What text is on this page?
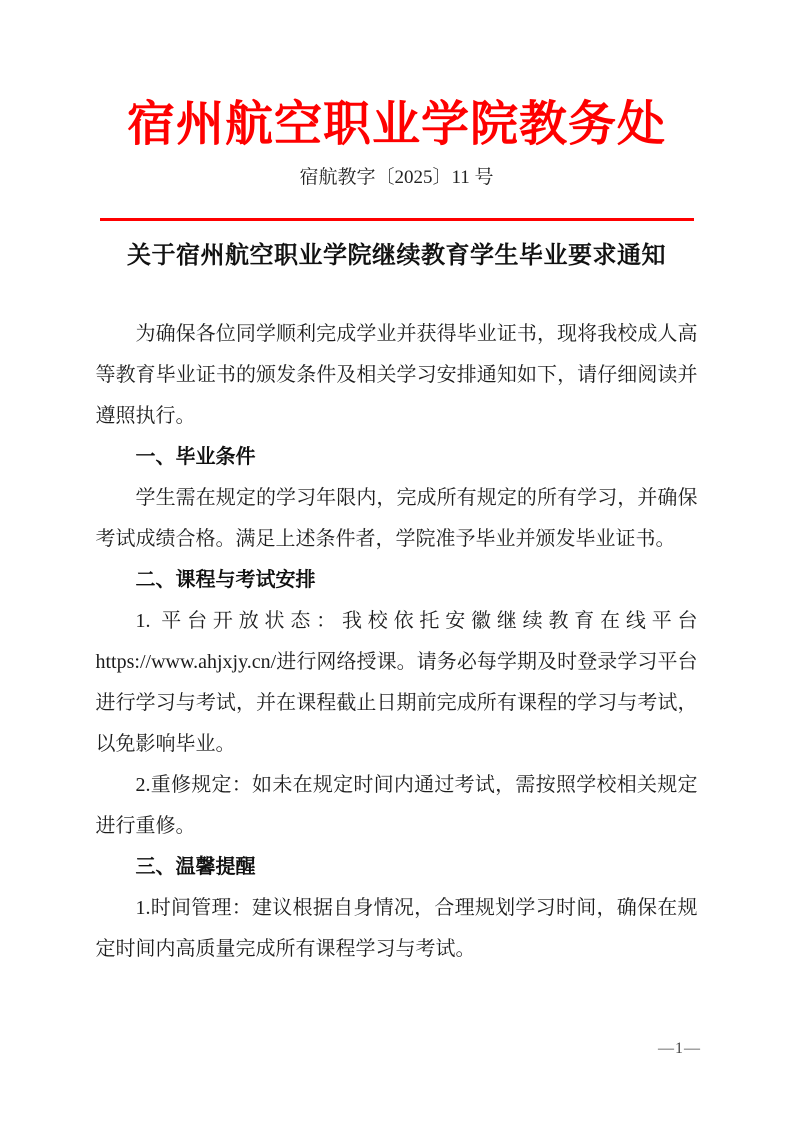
宿州航空职业学院教务处
宿航教字〔2025〕11 号
关于宿州航空职业学院继续教育学生毕业要求通知

为确保各位同学顺利完成学业并获得毕业证书，现将我校成人高等教育毕业证书的颁发条件及相关学习安排通知如下，请仔细阅读并遵照执行。

一、毕业条件

学生需在规定的学习年限内，完成所有规定的所有学习，并确保考试成绩合格。满足上述条件者，学院准予毕业并颁发毕业证书。

二、课程与考试安排

1. 平台开放状态：我校依托安徽继续教育在线平台https://www.ahjxjy.cn/进行网络授课。请务必每学期及时登录学习平台进行学习与考试，并在课程截止日期前完成所有课程的学习与考试，以免影响毕业。

2.重修规定：如未在规定时间内通过考试，需按照学校相关规定进行重修。

三、温馨提醒

1.时间管理：建议根据自身情况，合理规划学习时间，确保在规定时间内高质量完成所有课程学习与考试。

—1—
